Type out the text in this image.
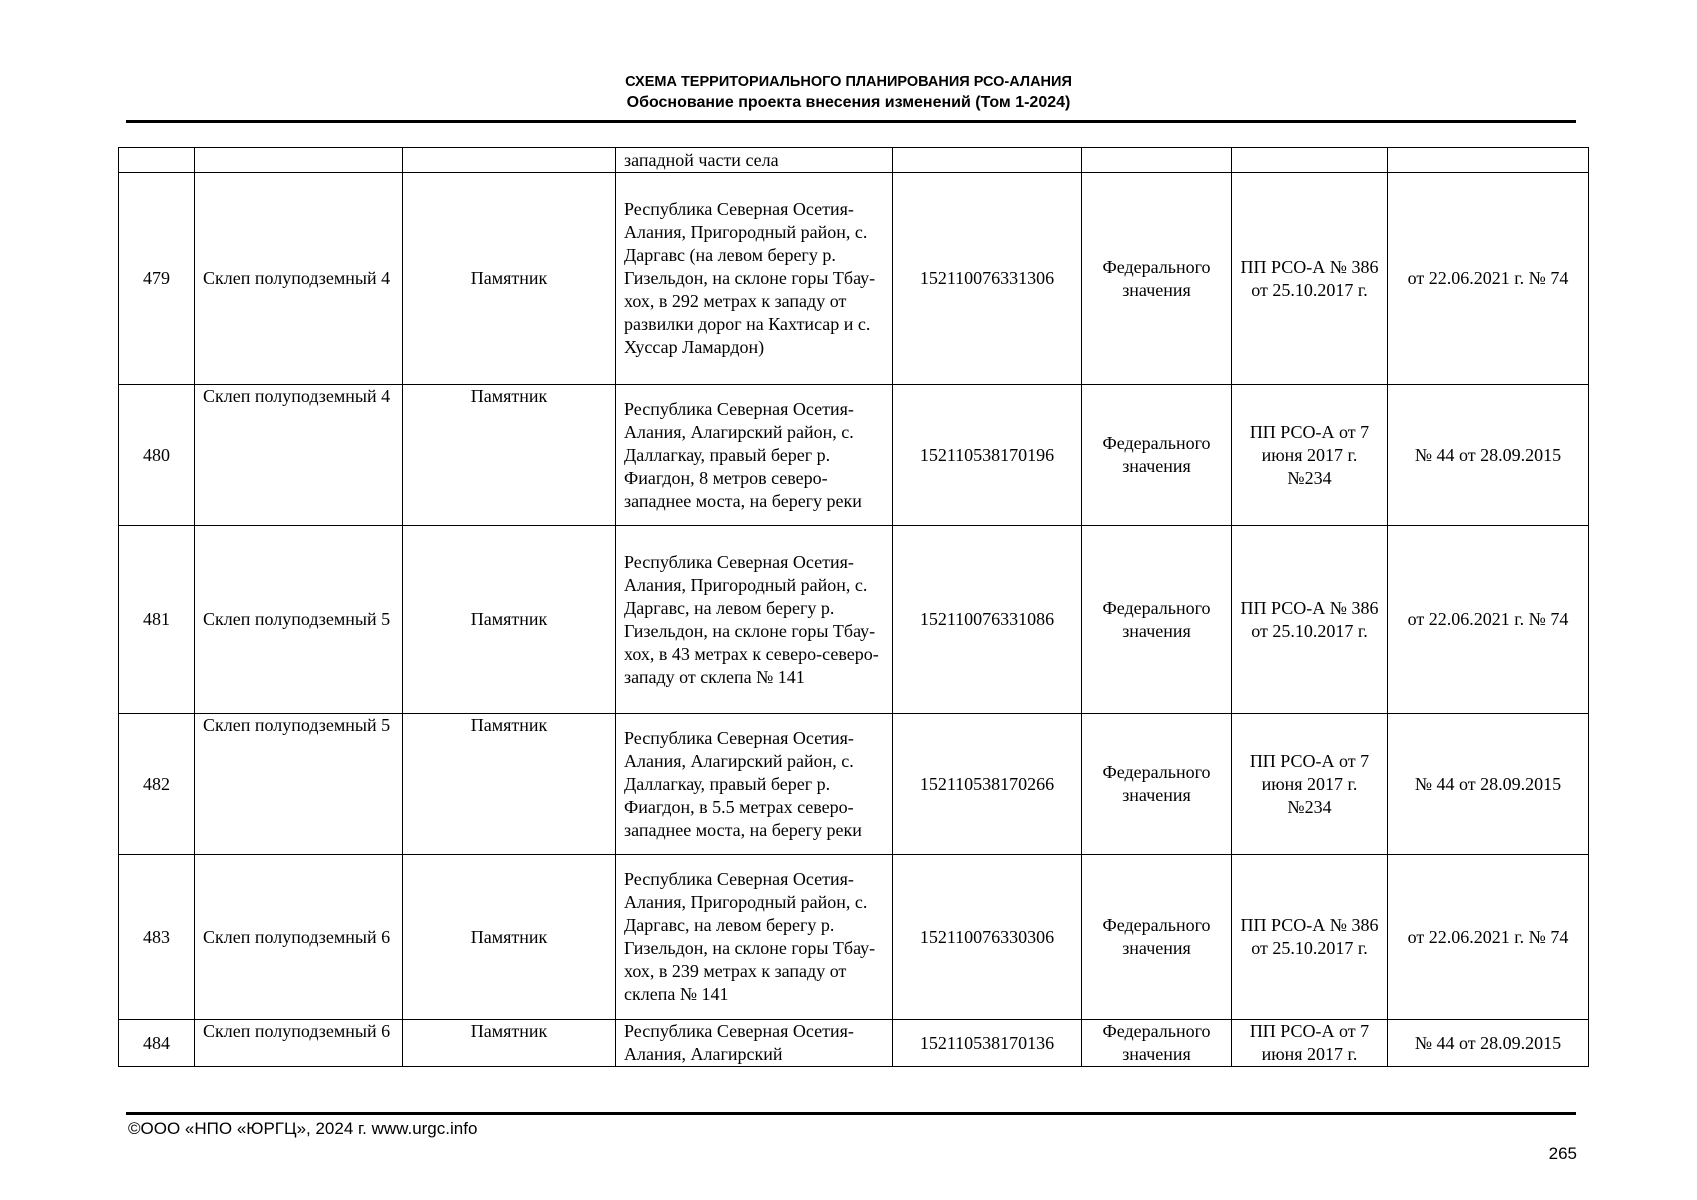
СХЕМА ТЕРРИТОРИАЛЬНОГО ПЛАНИРОВАНИЯ РСО-АЛАНИЯ
Обоснование проекта внесения изменений (Том 1-2024)
			западной части села				
479	Склеп полуподземный 4	Памятник	Республика Северная Осетия-Алания, Пригородный район, с. Даргавс (на левом берегу р. Гизельдон, на склоне горы Тбау- хох, в 292 метрах к западу от развилки дорог на Кахтисар и с. Хуссар Ламардон)	152110076331306	Федерального значения	ПП РСО-А № 386 от 25.10.2017 г.	от 22.06.2021 г. № 74
480	Склеп полуподземный 4	Памятник	Республика Северная Осетия-Алания, Алагирский район, с. Даллагкау, правый берег р. Фиагдон, 8 метров северо-западнее моста, на берегу реки	152110538170196	Федерального значения	ПП РСО-А от 7 июня 2017 г. №234	№ 44 от 28.09.2015
481	Склеп полуподземный 5	Памятник	Республика Северная Осетия-Алания, Пригородный район, с. Даргавс, на левом берегу р. Гизельдон, на склоне горы Тбау-хох, в 43 метрах к северо-северо-западу от склепа № 141	152110076331086	Федерального значения	ПП РСО-А № 386 от 25.10.2017 г.	от 22.06.2021 г. № 74
482	Склеп полуподземный 5	Памятник	Республика Северная Осетия-Алания, Алагирский район, с. Даллагкау, правый берег р. Фиагдон, в 5.5 метрах северо-западнее моста, на берегу реки	152110538170266	Федерального значения	ПП РСО-А от 7 июня 2017 г. №234	№ 44 от 28.09.2015
483	Склеп полуподземный 6	Памятник	Республика Северная Осетия-Алания, Пригородный район, с. Даргавс, на левом берегу р. Гизельдон, на склоне горы Тбау-хох, в 239 метрах к западу от склепа № 141	152110076330306	Федерального значения	ПП РСО-А № 386 от 25.10.2017 г.	от 22.06.2021 г. № 74
484	Склеп полуподземный 6	Памятник	Республика Северная Осетия-Алания, Алагирский	152110538170136	Федерального значения	ПП РСО-А от 7 июня 2017 г.	№ 44 от 28.09.2015
©ООО «НПО «ЮРГЦ», 2024 г. www.urgc.info
265
